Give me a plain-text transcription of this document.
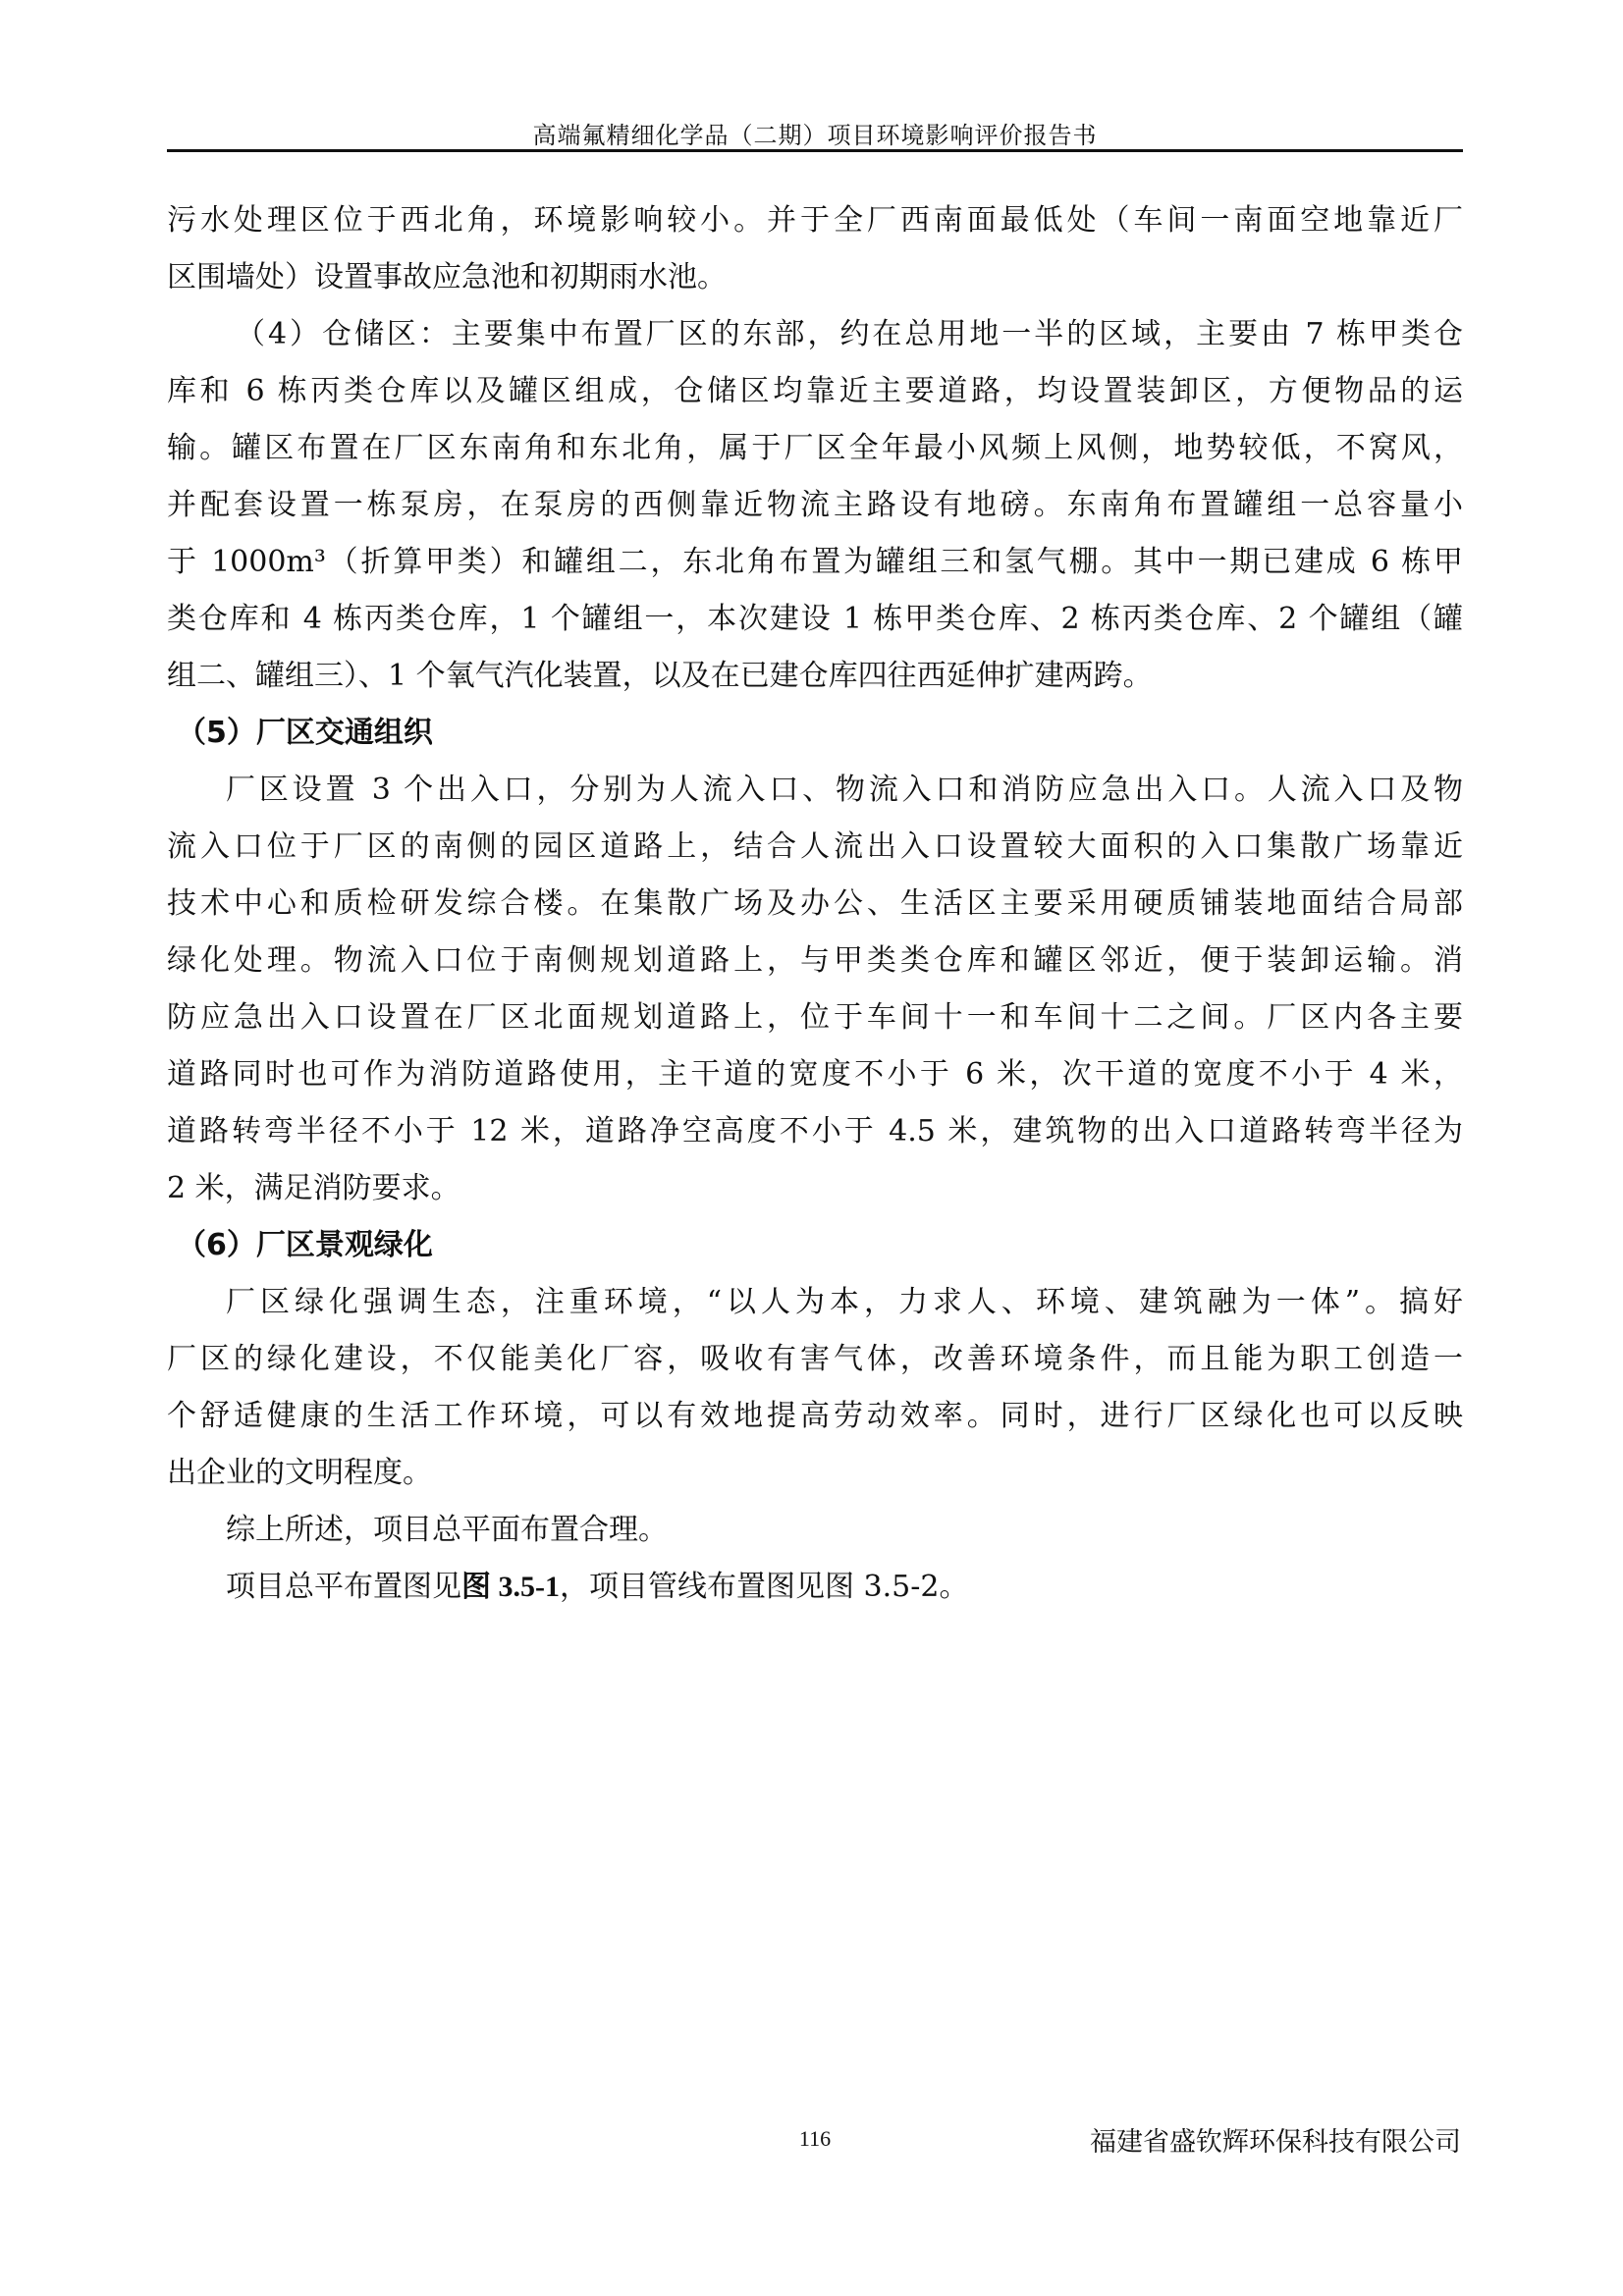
高端氟精细化学品（二期）项目环境影响评价报告书
污水处理区位于西北角，环境影响较小。并于全厂西南面最低处（车间一南面空地靠近厂
区围墙处）设置事故应急池和初期雨水池。
（4）仓储区：主要集中布置厂区的东部，约在总用地一半的区域，主要由 7 栋甲类仓
库和 6 栋丙类仓库以及罐区组成，仓储区均靠近主要道路，均设置装卸区，方便物品的运
输。罐区布置在厂区东南角和东北角，属于厂区全年最小风频上风侧，地势较低，不窝风，
并配套设置一栋泵房，在泵房的西侧靠近物流主路设有地磅。东南角布置罐组一总容量小
于 1000m³（折算甲类）和罐组二，东北角布置为罐组三和氢气棚。其中一期已建成 6 栋甲
类仓库和 4 栋丙类仓库，1 个罐组一，本次建设 1 栋甲类仓库、2 栋丙类仓库、2 个罐组（罐
组二、罐组三）、1 个氧气汽化装置，以及在已建仓库四往西延伸扩建两跨。
（5）厂区交通组织
厂区设置 3 个出入口，分别为人流入口、物流入口和消防应急出入口。人流入口及物
流入口位于厂区的南侧的园区道路上，结合人流出入口设置较大面积的入口集散广场靠近
技术中心和质检研发综合楼。在集散广场及办公、生活区主要采用硬质铺装地面结合局部
绿化处理。物流入口位于南侧规划道路上，与甲类类仓库和罐区邻近，便于装卸运输。消
防应急出入口设置在厂区北面规划道路上，位于车间十一和车间十二之间。厂区内各主要
道路同时也可作为消防道路使用，主干道的宽度不小于 6 米，次干道的宽度不小于 4 米，
道路转弯半径不小于 12 米，道路净空高度不小于 4.5 米，建筑物的出入口道路转弯半径为
2 米，满足消防要求。
（6）厂区景观绿化
厂区绿化强调生态，注重环境，“以人为本，力求人、环境、建筑融为一体”。搞好
厂区的绿化建设，不仅能美化厂容，吸收有害气体，改善环境条件，而且能为职工创造一
个舒适健康的生活工作环境，可以有效地提高劳动效率。同时，进行厂区绿化也可以反映
出企业的文明程度。
综上所述，项目总平面布置合理。
项目总平布置图见图 3.5-1，项目管线布置图见图 3.5-2。
116	福建省盛钦辉环保科技有限公司
